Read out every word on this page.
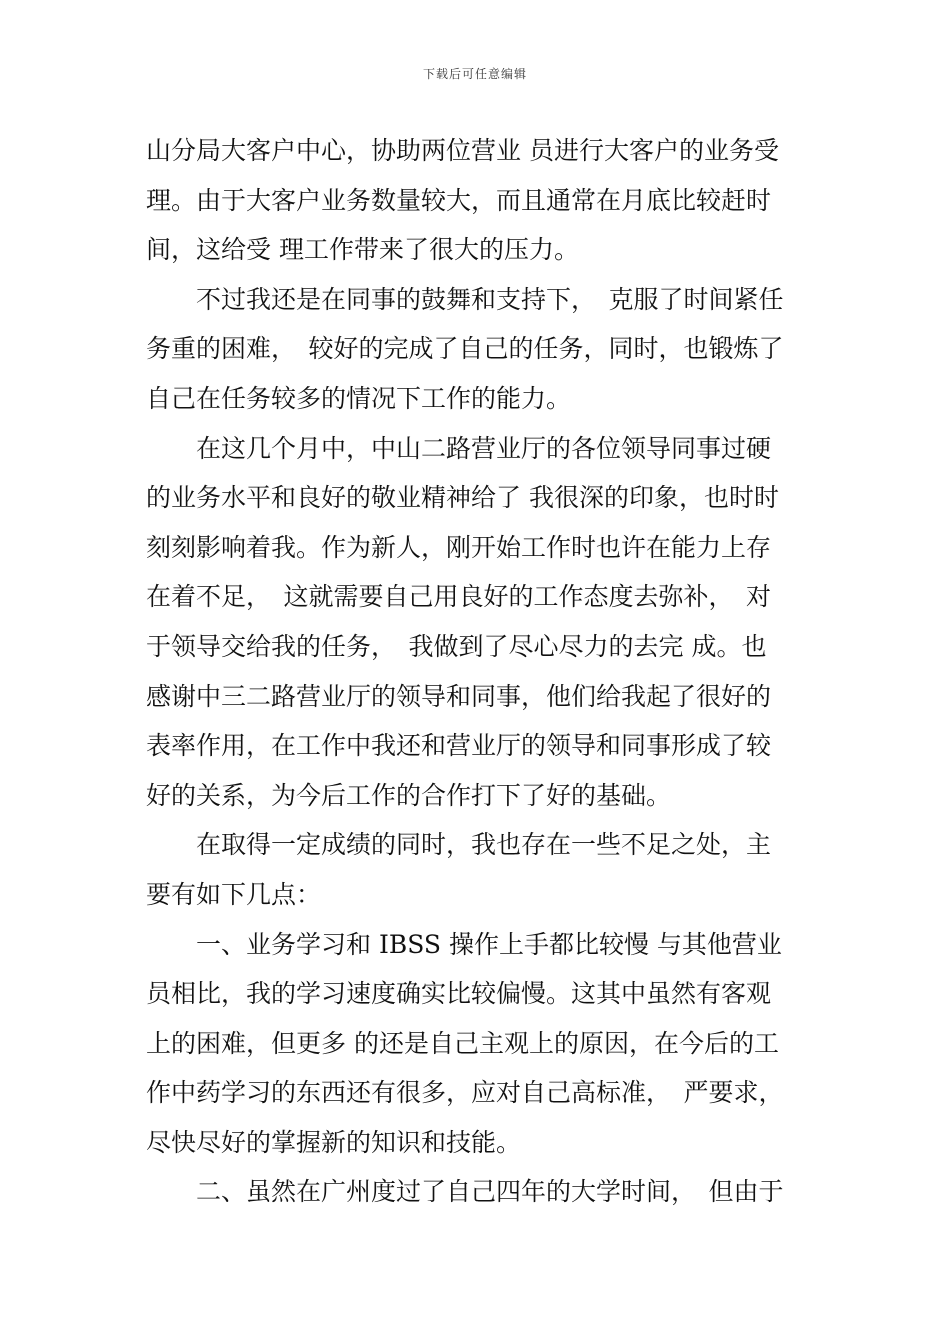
下载后可任意编辑
山分局大客户中心，协助两位营业 员进行大客户的业务受
理。由于大客户业务数量较大，而且通常在月底比较赶时
间，这给受 理工作带来了很大的压力。
　　不过我还是在同事的鼓舞和支持下，　克服了时间紧任
务重的困难，　较好的完成了自己的任务，同时，也锻炼了
自己在任务较多的情况下工作的能力。
　　在这几个月中，中山二路营业厅的各位领导同事过硬
的业务水平和良好的敬业精神给了 我很深的印象，也时时
刻刻影响着我。作为新人，刚开始工作时也许在能力上存
在着不足，　这就需要自己用良好的工作态度去弥补，　对
于领导交给我的任务，　我做到了尽心尽力的去完 成。也
感谢中三二路营业厅的领导和同事，他们给我起了很好的
表率作用，在工作中我还和营业厅的领导和同事形成了较
好的关系，为今后工作的合作打下了好的基础。
　　在取得一定成绩的同时，我也存在一些不足之处，主
要有如下几点：
　　一、业务学习和 IBSS 操作上手都比较慢 与其他营业
员相比，我的学习速度确实比较偏慢。这其中虽然有客观
上的困难，但更多 的还是自己主观上的原因，在今后的工
作中药学习的东西还有很多，应对自己高标准，　严要求，
尽快尽好的掌握新的知识和技能。
　　二、虽然在广州度过了自己四年的大学时间，　但由于
